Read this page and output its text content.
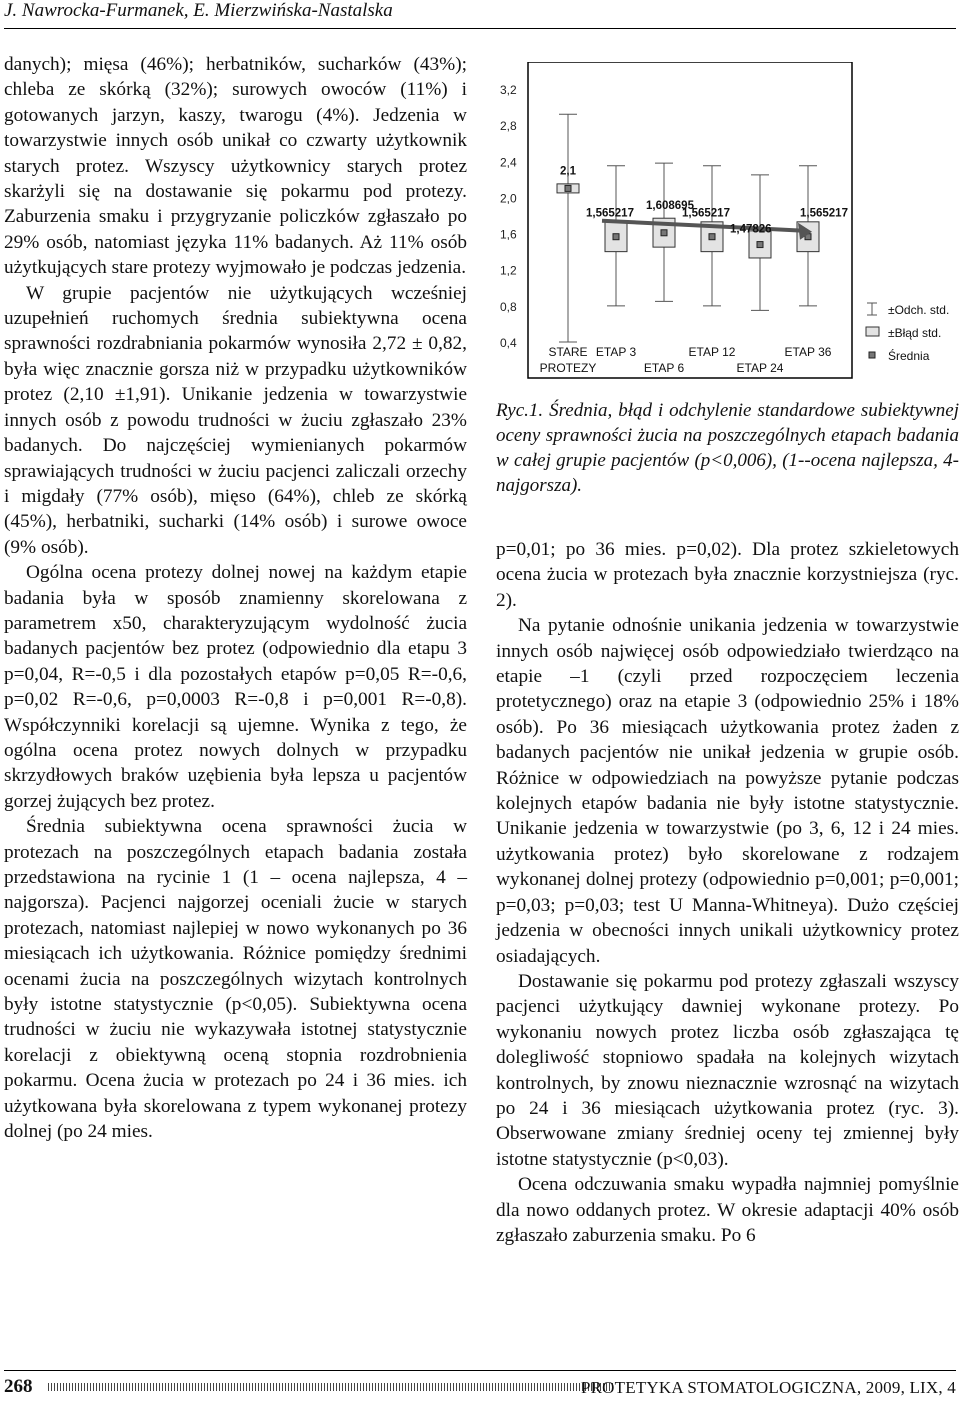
J. Nawrocka-Furmanek, E. Mierzwińska-Nastalska

danych); mięsa (46%); herbatników, sucharków (43%); chleba ze skórką (32%); surowych owoców (11%) i gotowanych jarzyn, kaszy, twarogu (4%). Jedzenia w towarzystwie innych osób unikał co czwarty użytkownik starych protez. Wszyscy użytkownicy starych protez skarżyli się na dostawanie się pokarmu pod protezy. Zaburzenia smaku i przygryzanie policzków zgłaszało po 29% osób, natomiast języka 11% badanych. Aż 11% osób użytkujących stare protezy wyjmowało je podczas jedzenia.

W grupie pacjentów nie użytkujących wcześniej uzupełnień ruchomych średnia subiektywna ocena sprawności rozdrabniania pokarmów wynosiła 2,72 ± 0,82, była więc znacznie gorsza niż w przypadku użytkowników protez (2,10 ±1,91). Unikanie jedzenia w towarzystwie innych osób z powodu trudności w żuciu zgłaszało 23% badanych. Do najczęściej wymienianych pokarmów sprawiających trudności w żuciu pacjenci zaliczali orzechy i migdały (77% osób), mięso (64%), chleb ze skórką (45%), herbatniki, sucharki (14% osób) i surowe owoce (9% osób).

Ogólna ocena protezy dolnej nowej na każdym etapie badania była w sposób znamienny skorelowana z parametrem x50, charakteryzującym wydolność żucia badanych pacjentów bez protez (odpowiednio dla etapu 3 p=0,04, R=-0,5 i dla pozostałych etapów p=0,05 R=-0,6, p=0,02 R=-0,6, p=0,0003 R=-0,8 i p=0,001 R=-0,8). Współczynniki korelacji są ujemne. Wynika z tego, że ogólna ocena protez nowych dolnych w przypadku skrzydłowych braków uzębienia była lepsza u pacjentów gorzej żujących bez protez.

Średnia subiektywna ocena sprawności żucia w protezach na poszczególnych etapach badania została przedstawiona na rycinie 1 (1 – ocena najlepsza, 4 – najgorsza). Pacjenci najgorzej oceniali żucie w starych protezach, natomiast najlepiej w nowo wykonanych po 36 miesiącach ich użytkowania. Różnice pomiędzy średnimi ocenami żucia na poszczególnych wizytach kontrolnych były istotne statystycznie (p<0,05). Subiektywna ocena trudności w żuciu nie wykazywała istotnej statystycznie korelacji z obiektywną oceną stopnia rozdrobnienia pokarmu. Ocena żucia w protezach po 24 i 36 mies. ich użytkowana była skorelowana z typem wykonanej protezy dolnej (po 24 mies.

3,2
2,8
2,4
2,0
1,6
1,2
0,8
0,4
2,1
1,565217
1,608695
1,565217
1,47826
1,565217
STARE
PROTEZY
ETAP 3
ETAP 6
ETAP 12
ETAP 24
ETAP 36
±Odch. std.
±Błąd std.
Średnia
Ryc.1. Średnia, błąd i odchylenie standardowe subiektywnej oceny sprawności żucia na poszczególnych etapach badania w całej grupie pacjentów (p<0,006), (1--ocena najlepsza, 4-najgorsza).

p=0,01; po 36 mies. p=0,02). Dla protez szkieletowych ocena żucia w protezach była znacznie korzystniejsza (ryc. 2).

Na pytanie odnośnie unikania jedzenia w towarzystwie innych osób najwięcej osób odpowiedziało twierdząco na etapie –1 (czyli przed rozpoczęciem leczenia protetycznego) oraz na etapie 3 (odpowiednio 25% i 18% osób). Po 36 miesiącach użytkowania protez żaden z badanych pacjentów nie unikał jedzenia w grupie osób. Różnice w odpowiedziach na powyższe pytanie podczas kolejnych etapów badania nie były istotne statystycznie. Unikanie jedzenia w towarzystwie (po 3, 6, 12 i 24 mies. użytkowania protez) było skorelowane z rodzajem wykonanej dolnej protezy (odpowiednio p=0,001; p=0,001; p=0,03; p=0,03; test U Manna-Whitneya). Dużo częściej jedzenia w obecności innych unikali użytkownicy protez osiadających.

Dostawanie się pokarmu pod protezy zgłaszali wszyscy pacjenci użytkujący dawniej wykonane protezy. Po wykonaniu nowych protez liczba osób zgłaszająca tę dolegliwość stopniowo spadała na kolejnych wizytach kontrolnych, by znowu nieznacznie wzrosnąć na wizytach po 24 i 36 miesiącach użytkowania protez (ryc. 3). Obserwowane zmiany średniej oceny tej zmiennej były istotne statystycznie (p<0,03).

Ocena odczuwania smaku wypadła najmniej pomyślnie dla nowo oddanych protez. W okresie adaptacji 40% osób zgłaszało zaburzenia smaku. Po 6

268	PROTETYKA STOMATOLOGICZNA, 2009, LIX, 4
